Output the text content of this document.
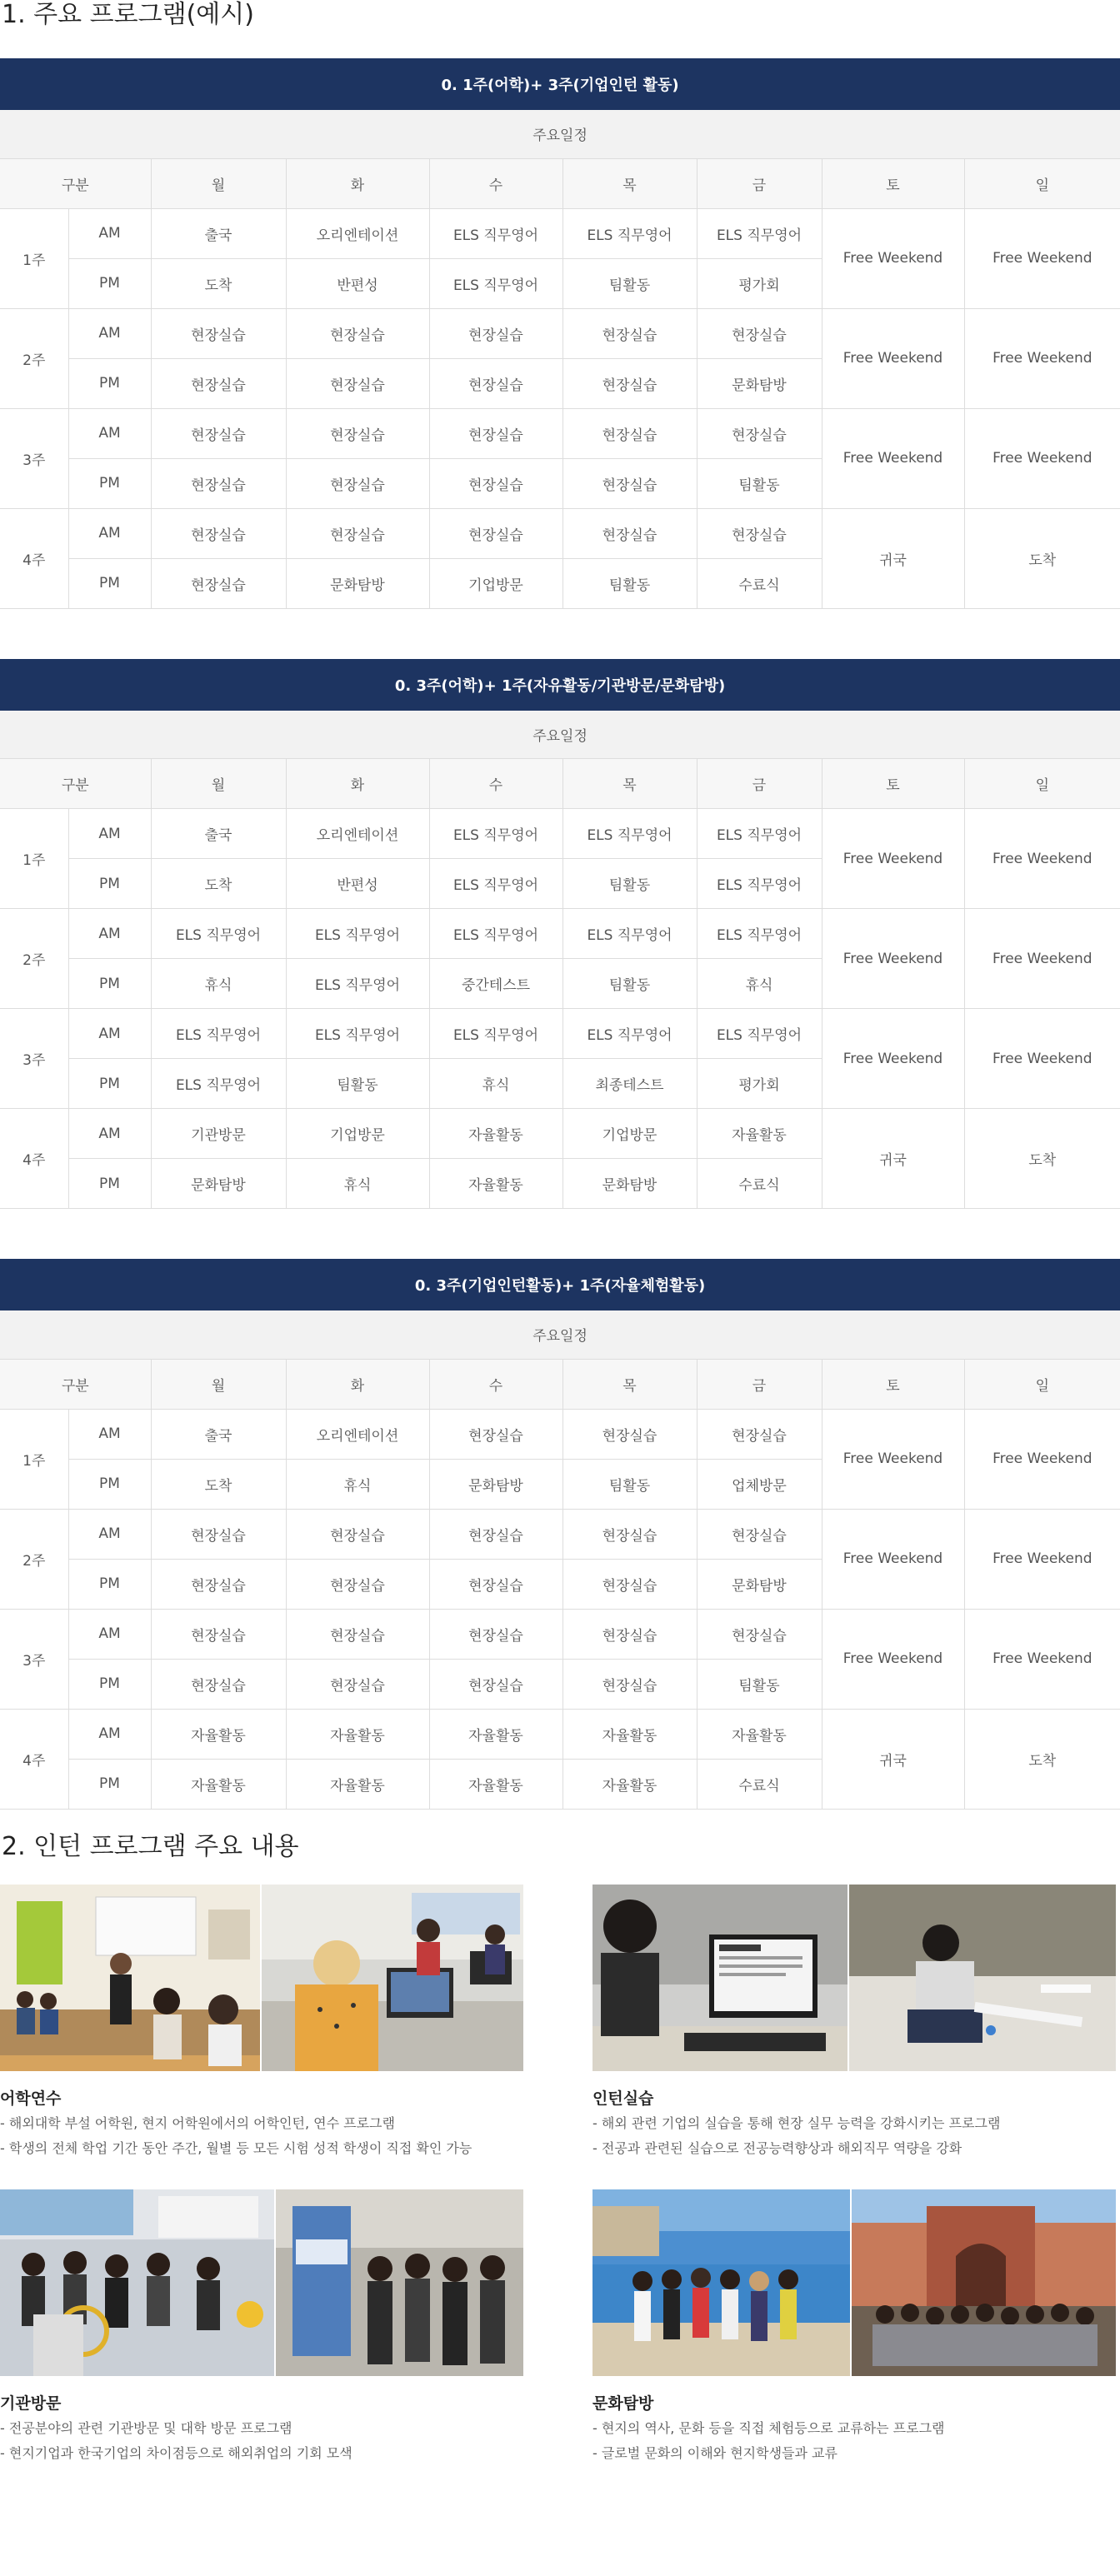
1. 주요 프로그램(예시)
0. 1주(어학)+ 3주(기업인턴 활동)								
주요일정								
구분		월	화	수	목	금	토	일
1주	AM	출국	오리엔테이션	ELS 직무영어	ELS 직무영어	ELS 직무영어	Free Weekend	Free Weekend
	PM	도착	반편성	ELS 직무영어	팀활동	평가회		
2주	AM	현장실습	현장실습	현장실습	현장실습	현장실습	Free Weekend	Free Weekend
	PM	현장실습	현장실습	현장실습	현장실습	문화탐방		
3주	AM	현장실습	현장실습	현장실습	현장실습	현장실습	Free Weekend	Free Weekend
	PM	현장실습	현장실습	현장실습	현장실습	팀활동		
4주	AM	현장실습	현장실습	현장실습	현장실습	현장실습	귀국	도착
	PM	현장실습	문화탐방	기업방문	팀활동	수료식		
0. 3주(어학)+ 1주(자유활동/기관방문/문화탐방)								
주요일정								
구분		월	화	수	목	금	토	일
1주	AM	출국	오리엔테이션	ELS 직무영어	ELS 직무영어	ELS 직무영어	Free Weekend	Free Weekend
	PM	도착	반편성	ELS 직무영어	팀활동	ELS 직무영어		
2주	AM	ELS 직무영어	ELS 직무영어	ELS 직무영어	ELS 직무영어	ELS 직무영어	Free Weekend	Free Weekend
	PM	휴식	ELS 직무영어	중간테스트	팀활동	휴식		
3주	AM	ELS 직무영어	ELS 직무영어	ELS 직무영어	ELS 직무영어	ELS 직무영어	Free Weekend	Free Weekend
	PM	ELS 직무영어	팀활동	휴식	최종테스트	평가회		
4주	AM	기관방문	기업방문	자율활동	기업방문	자율활동	귀국	도착
	PM	문화탐방	휴식	자율활동	문화탐방	수료식		
0. 3주(기업인턴활동)+ 1주(자율체험활동)								
주요일정								
구분		월	화	수	목	금	토	일
1주	AM	출국	오리엔테이션	현장실습	현장실습	현장실습	Free Weekend	Free Weekend
	PM	도착	휴식	문화탐방	팀활동	업체방문		
2주	AM	현장실습	현장실습	현장실습	현장실습	현장실습	Free Weekend	Free Weekend
	PM	현장실습	현장실습	현장실습	현장실습	문화탐방		
3주	AM	현장실습	현장실습	현장실습	현장실습	현장실습	Free Weekend	Free Weekend
	PM	현장실습	현장실습	현장실습	현장실습	팀활동		
4주	AM	자율활동	자율활동	자율활동	자율활동	자율활동	귀국	도착
	PM	자율활동	자율활동	자율활동	자율활동	수료식		
2. 인턴 프로그램 주요 내용
어학연수
- 해외대학 부설 어학원, 현지 어학원에서의 어학인턴, 연수 프로그램
- 학생의 전체 학업 기간 동안 주간, 월별 등 모든 시험 성적 학생이 직접 확인 가능
인턴실습
- 해외 관련 기업의 실습을 통해 현장 실무 능력을 강화시키는 프로그램
- 전공과 관련된 실습으로 전공능력향상과 해외직무 역량을 강화
기관방문
- 전공분야의 관련 기관방문 및 대학 방문 프로그램
- 현지기업과 한국기업의 차이점등으로 해외취업의 기회 모색
문화탐방
- 현지의 역사, 문화 등을 직접 체험등으로 교류하는 프로그램
- 글로벌 문화의 이해와 현지학생들과 교류
